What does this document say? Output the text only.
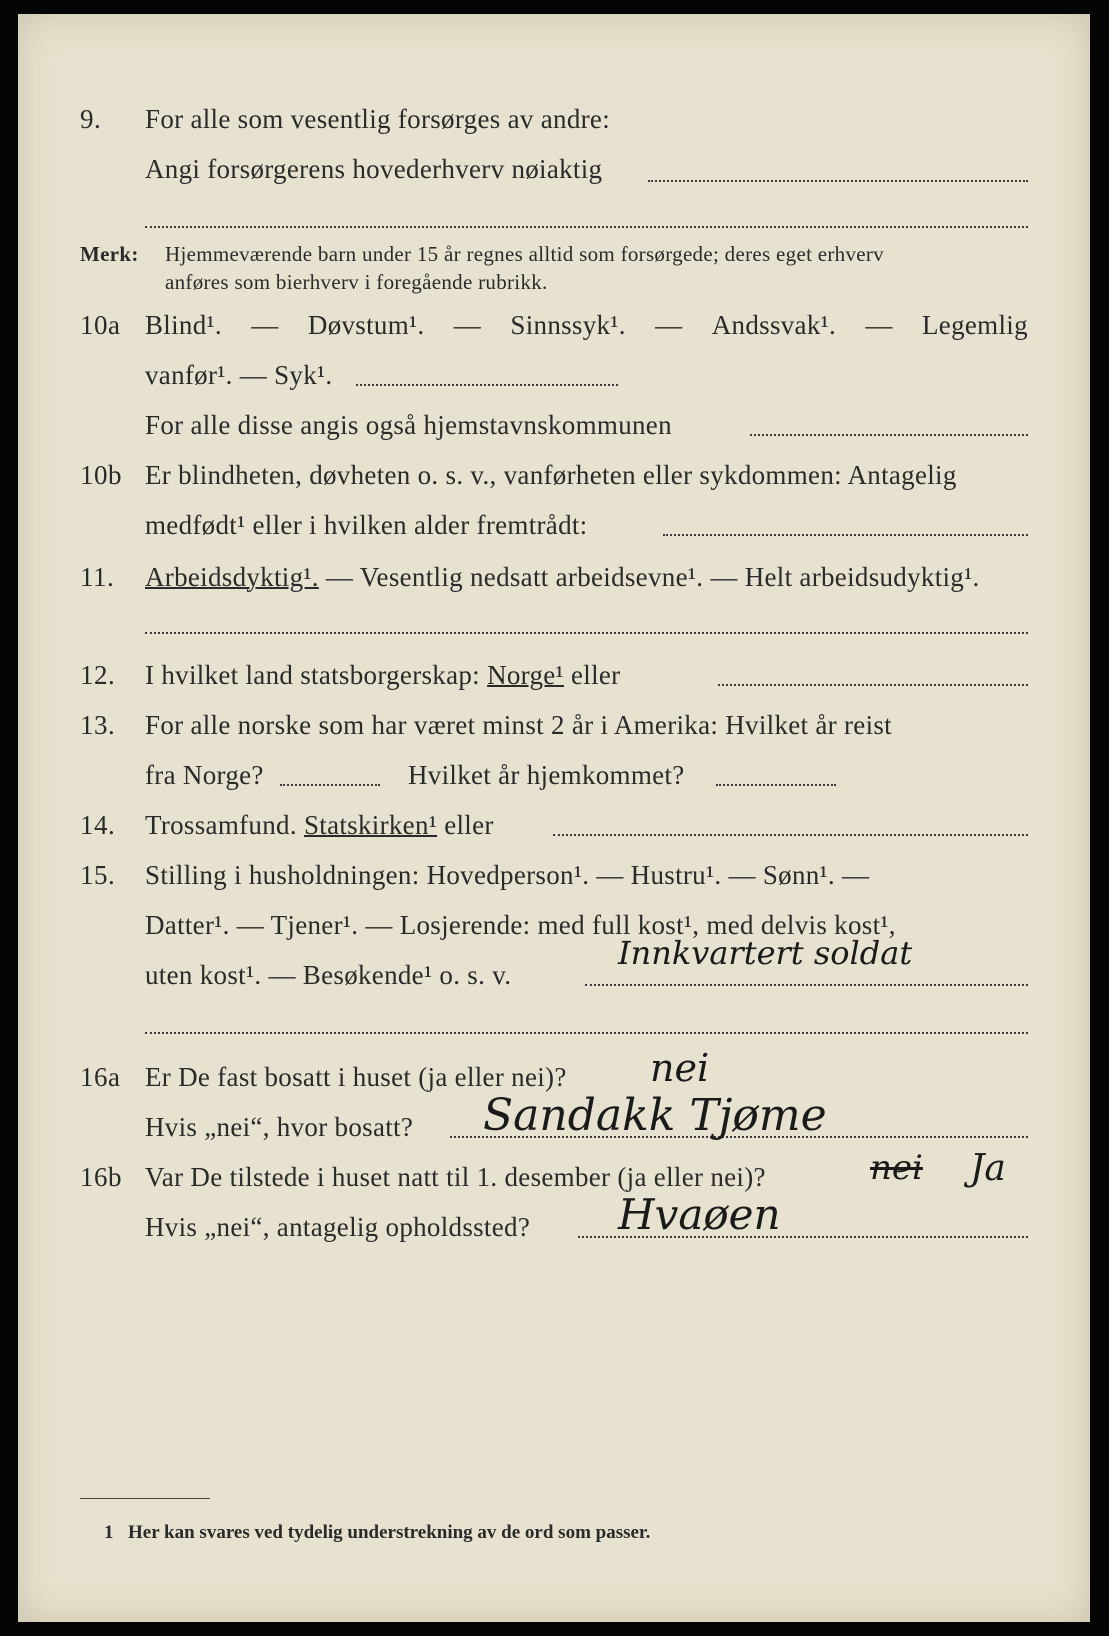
9. For alle som vesentlig forsørges av andre:
Angi forsørgerens hovederhverv nøiaktig
Merk: Hjemmeværende barn under 15 år regnes alltid som forsørgede; deres eget erhverv
anføres som bierhverv i foregående rubrikk.
10a Blind¹. — Døvstum¹. — Sinnssyk¹. — Andssvak¹. — Legemlig
vanfør¹. — Syk¹.
For alle disse angis også hjemstavnskommunen
10b Er blindheten, døvheten o. s. v., vanførheten eller sykdommen: Antagelig
medfødt¹ eller i hvilken alder fremtrådt:
11. Arbeidsdyktig¹. — Vesentlig nedsatt arbeidsevne¹. — Helt arbeidsudyktig¹.
12. I hvilket land statsborgerskap: Norge¹ eller
13. For alle norske som har været minst 2 år i Amerika: Hvilket år reist
fra Norge?	Hvilket år hjemkommet?
14. Trossamfund. Statskirken¹ eller
15. Stilling i husholdningen: Hovedperson¹. — Hustru¹. — Sønn¹. —
Datter¹. — Tjener¹. — Losjerende: med full kost¹, med delvis kost¹,
uten kost¹. — Besøkende¹ o. s. v.
Innkvartert soldat
16a Er De fast bosatt i huset (ja eller nei)? nei
Hvis „nei“, hvor bosatt? Sandakk Tjøme
16b Var De tilstede i huset natt til 1. desember (ja eller nei)?	nei Ja
Hvis „nei“, antagelig opholdssted? Hvaøen
1 Her kan svares ved tydelig understrekning av de ord som passer.
